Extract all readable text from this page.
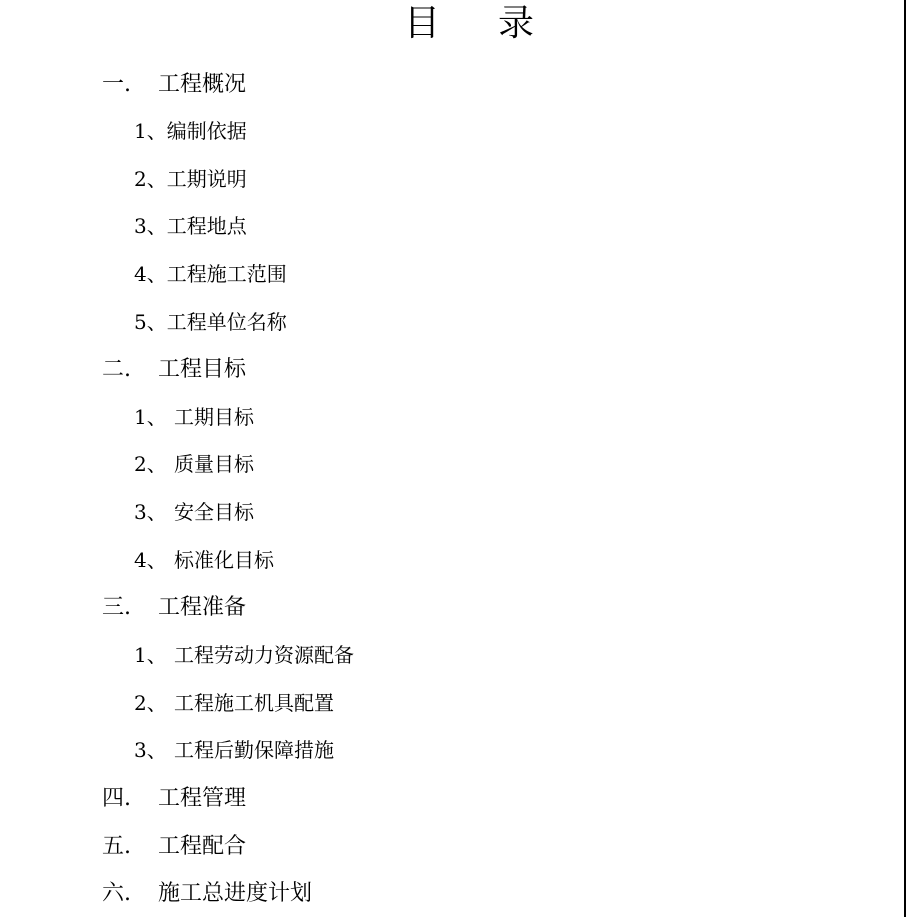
目 录
一.	工程概况
1、 编制依据
2、 工期说明
3、 工程地点
4、 工程施工范围
5、 工程单位名称
二.	工程目标
1、 工期目标
2、 质量目标
3、 安全目标
4、 标准化目标
三.	工程准备
1、 工程劳动力资源配备
2、 工程施工机具配置
3、 工程后勤保障措施
四.	工程管理
五.	工程配合
六.	施工总进度计划
